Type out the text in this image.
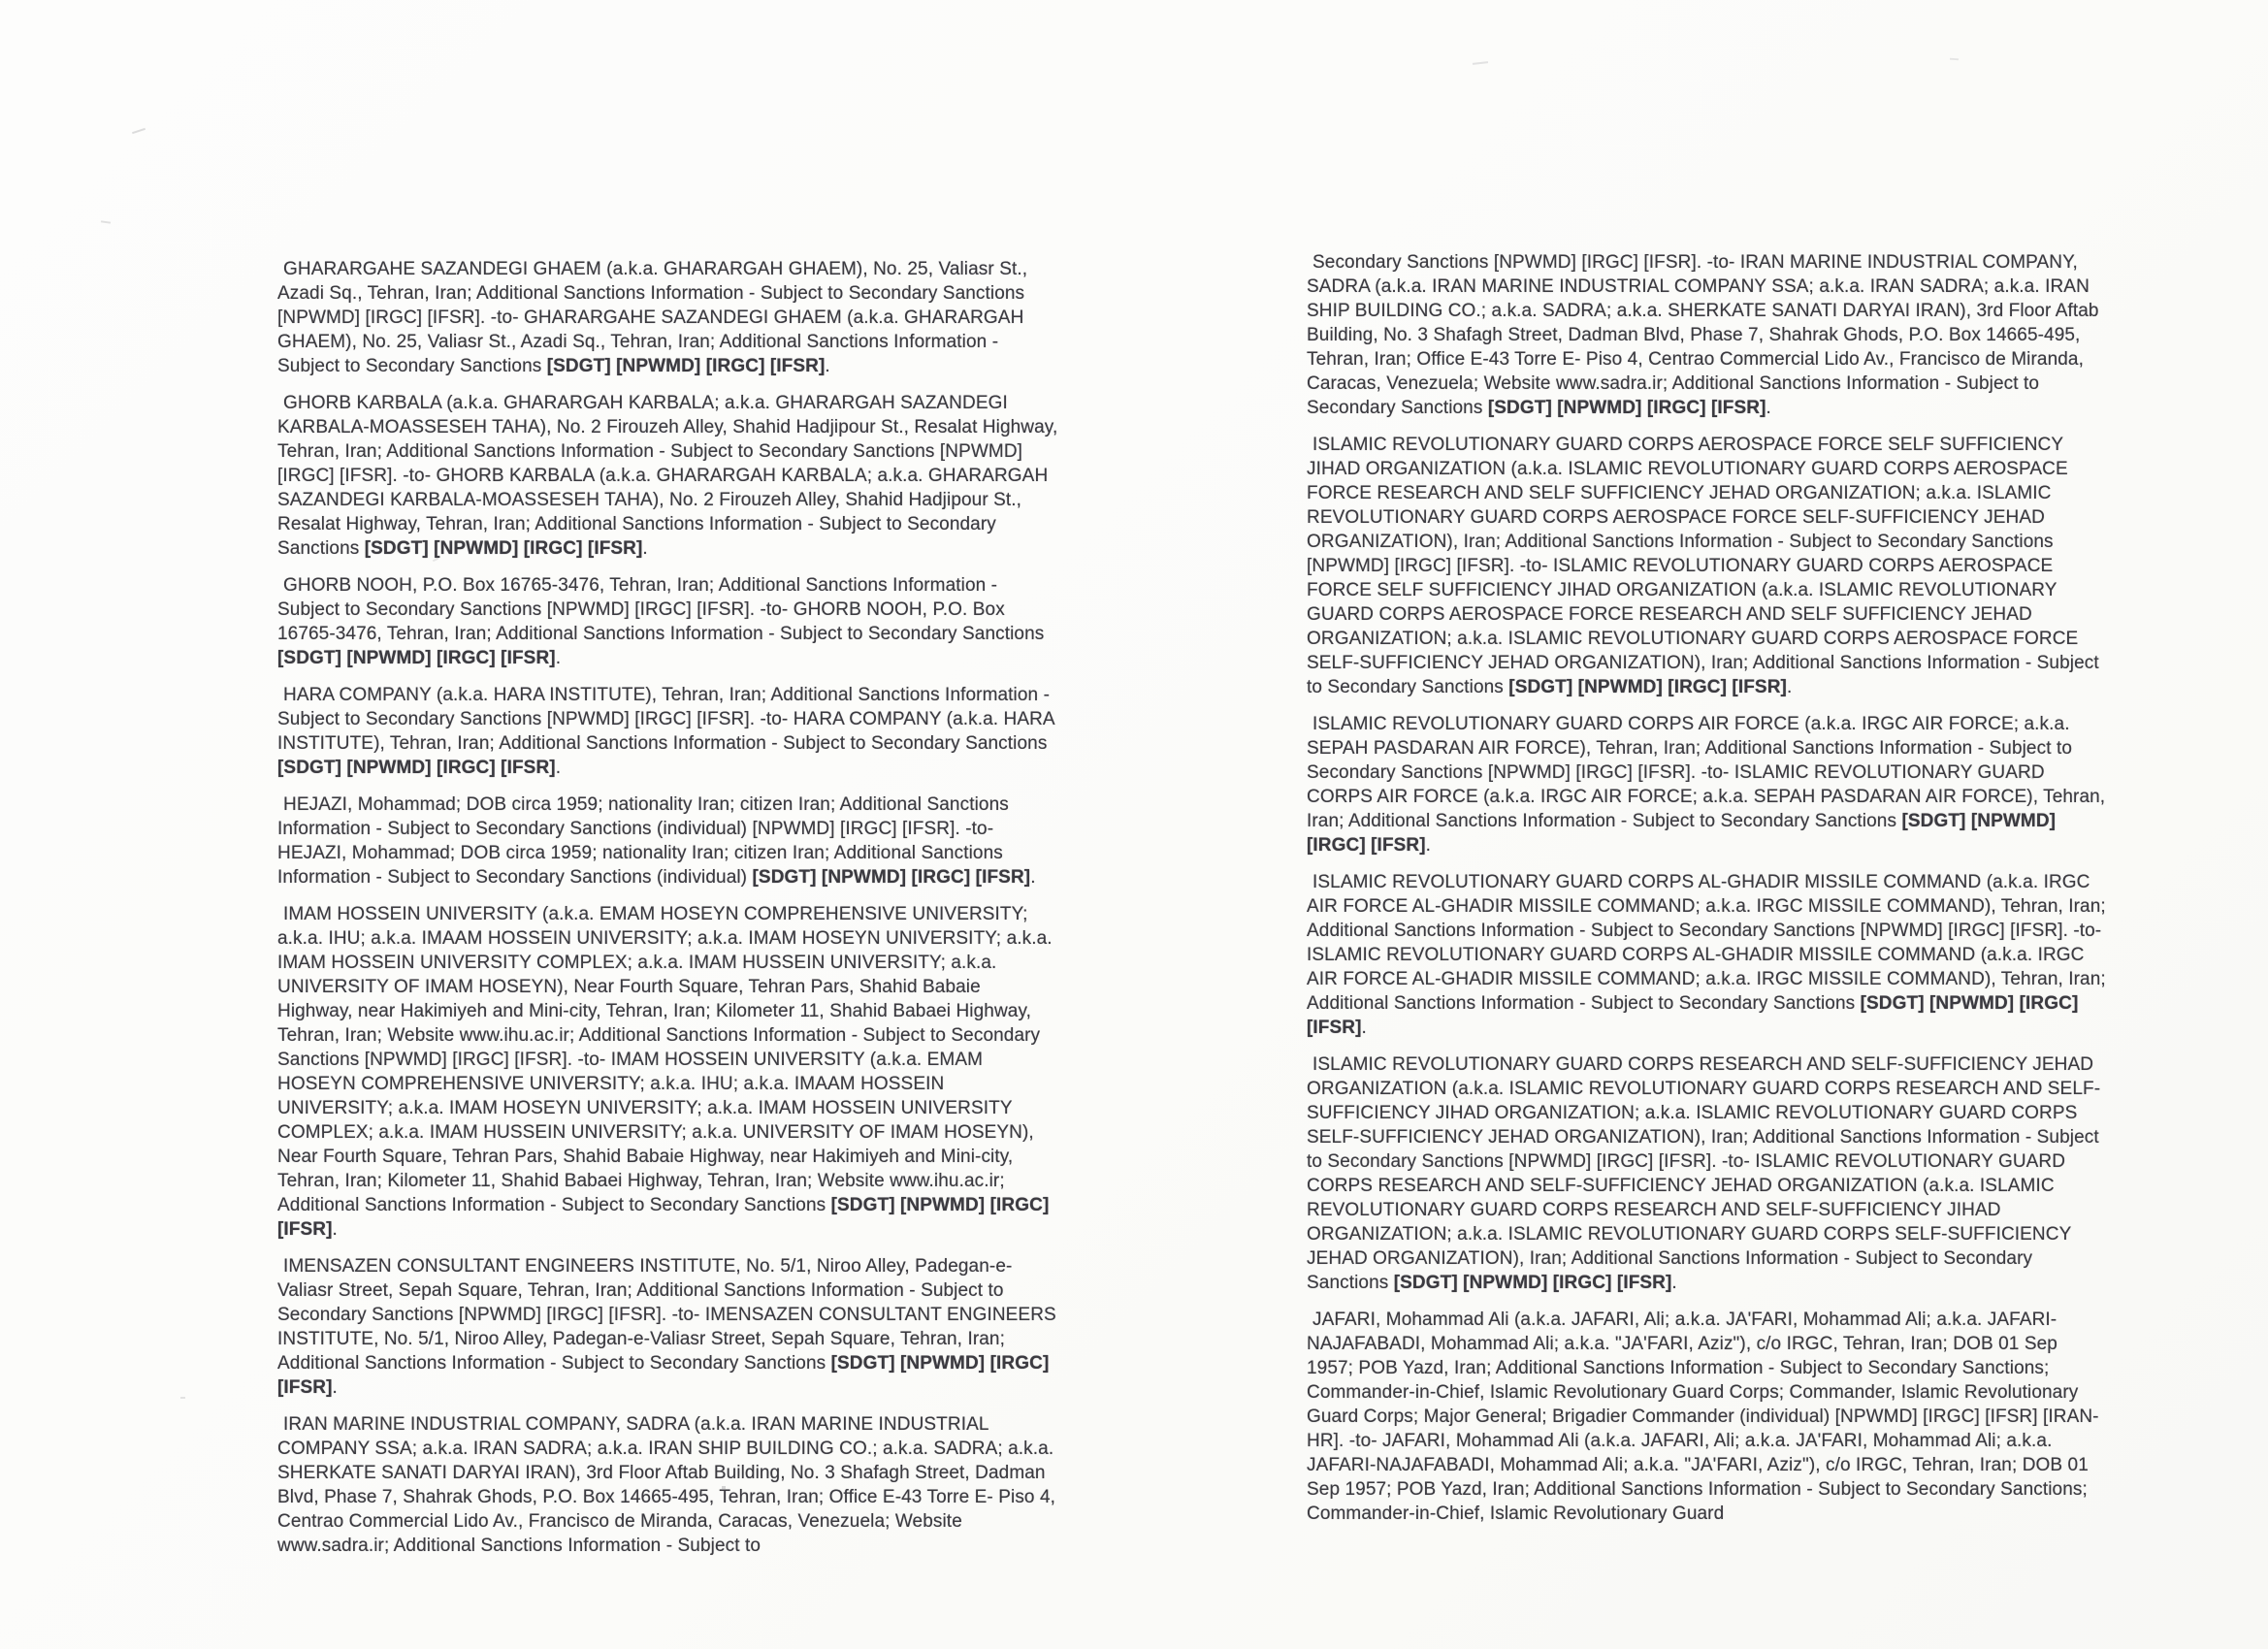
GHARARGAHE SAZANDEGI GHAEM (a.k.a. GHARARGAH GHAEM), No. 25, Valiasr St., Azadi Sq., Tehran, Iran; Additional Sanctions Information - Subject to Secondary Sanctions [NPWMD] [IRGC] [IFSR]. -to- GHARARGAHE SAZANDEGI GHAEM (a.k.a. GHARARGAH GHAEM), No. 25, Valiasr St., Azadi Sq., Tehran, Iran; Additional Sanctions Information - Subject to Secondary Sanctions [SDGT] [NPWMD] [IRGC] [IFSR].

GHORB KARBALA (a.k.a. GHARARGAH KARBALA; a.k.a. GHARARGAH SAZANDEGI KARBALA-MOASSESEH TAHA), No. 2 Firouzeh Alley, Shahid Hadjipour St., Resalat Highway, Tehran, Iran; Additional Sanctions Information - Subject to Secondary Sanctions [NPWMD] [IRGC] [IFSR]. -to- GHORB KARBALA (a.k.a. GHARARGAH KARBALA; a.k.a. GHARARGAH SAZANDEGI KARBALA-MOASSESEH TAHA), No. 2 Firouzeh Alley, Shahid Hadjipour St., Resalat Highway, Tehran, Iran; Additional Sanctions Information - Subject to Secondary Sanctions [SDGT] [NPWMD] [IRGC] [IFSR].

GHORB NOOH, P.O. Box 16765-3476, Tehran, Iran; Additional Sanctions Information - Subject to Secondary Sanctions [NPWMD] [IRGC] [IFSR]. -to- GHORB NOOH, P.O. Box 16765-3476, Tehran, Iran; Additional Sanctions Information - Subject to Secondary Sanctions [SDGT] [NPWMD] [IRGC] [IFSR].

HARA COMPANY (a.k.a. HARA INSTITUTE), Tehran, Iran; Additional Sanctions Information - Subject to Secondary Sanctions [NPWMD] [IRGC] [IFSR]. -to- HARA COMPANY (a.k.a. HARA INSTITUTE), Tehran, Iran; Additional Sanctions Information - Subject to Secondary Sanctions [SDGT] [NPWMD] [IRGC] [IFSR].

HEJAZI, Mohammad; DOB circa 1959; nationality Iran; citizen Iran; Additional Sanctions Information - Subject to Secondary Sanctions (individual) [NPWMD] [IRGC] [IFSR]. -to- HEJAZI, Mohammad; DOB circa 1959; nationality Iran; citizen Iran; Additional Sanctions Information - Subject to Secondary Sanctions (individual) [SDGT] [NPWMD] [IRGC] [IFSR].

IMAM HOSSEIN UNIVERSITY (a.k.a. EMAM HOSEYN COMPREHENSIVE UNIVERSITY; a.k.a. IHU; a.k.a. IMAAM HOSSEIN UNIVERSITY; a.k.a. IMAM HOSEYN UNIVERSITY; a.k.a. IMAM HOSSEIN UNIVERSITY COMPLEX; a.k.a. IMAM HUSSEIN UNIVERSITY; a.k.a. UNIVERSITY OF IMAM HOSEYN), Near Fourth Square, Tehran Pars, Shahid Babaie Highway, near Hakimiyeh and Mini-city, Tehran, Iran; Kilometer 11, Shahid Babaei Highway, Tehran, Iran; Website www.ihu.ac.ir; Additional Sanctions Information - Subject to Secondary Sanctions [NPWMD] [IRGC] [IFSR]. -to- IMAM HOSSEIN UNIVERSITY (a.k.a. EMAM HOSEYN COMPREHENSIVE UNIVERSITY; a.k.a. IHU; a.k.a. IMAAM HOSSEIN UNIVERSITY; a.k.a. IMAM HOSEYN UNIVERSITY; a.k.a. IMAM HOSSEIN UNIVERSITY COMPLEX; a.k.a. IMAM HUSSEIN UNIVERSITY; a.k.a. UNIVERSITY OF IMAM HOSEYN), Near Fourth Square, Tehran Pars, Shahid Babaie Highway, near Hakimiyeh and Mini-city, Tehran, Iran; Kilometer 11, Shahid Babaei Highway, Tehran, Iran; Website www.ihu.ac.ir; Additional Sanctions Information - Subject to Secondary Sanctions [SDGT] [NPWMD] [IRGC] [IFSR].

IMENSAZEN CONSULTANT ENGINEERS INSTITUTE, No. 5/1, Niroo Alley, Padegan-e-Valiasr Street, Sepah Square, Tehran, Iran; Additional Sanctions Information - Subject to Secondary Sanctions [NPWMD] [IRGC] [IFSR]. -to- IMENSAZEN CONSULTANT ENGINEERS INSTITUTE, No. 5/1, Niroo Alley, Padegan-e-Valiasr Street, Sepah Square, Tehran, Iran; Additional Sanctions Information - Subject to Secondary Sanctions [SDGT] [NPWMD] [IRGC] [IFSR].

IRAN MARINE INDUSTRIAL COMPANY, SADRA (a.k.a. IRAN MARINE INDUSTRIAL COMPANY SSA; a.k.a. IRAN SADRA; a.k.a. IRAN SHIP BUILDING CO.; a.k.a. SADRA; a.k.a. SHERKATE SANATI DARYAI IRAN), 3rd Floor Aftab Building, No. 3 Shafagh Street, Dadman Blvd, Phase 7, Shahrak Ghods, P.O. Box 14665-495, Tehran, Iran; Office E-43 Torre E- Piso 4, Centrao Commercial Lido Av., Francisco de Miranda, Caracas, Venezuela; Website www.sadra.ir; Additional Sanctions Information - Subject to

Secondary Sanctions [NPWMD] [IRGC] [IFSR]. -to- IRAN MARINE INDUSTRIAL COMPANY, SADRA (a.k.a. IRAN MARINE INDUSTRIAL COMPANY SSA; a.k.a. IRAN SADRA; a.k.a. IRAN SHIP BUILDING CO.; a.k.a. SADRA; a.k.a. SHERKATE SANATI DARYAI IRAN), 3rd Floor Aftab Building, No. 3 Shafagh Street, Dadman Blvd, Phase 7, Shahrak Ghods, P.O. Box 14665-495, Tehran, Iran; Office E-43 Torre E- Piso 4, Centrao Commercial Lido Av., Francisco de Miranda, Caracas, Venezuela; Website www.sadra.ir; Additional Sanctions Information - Subject to Secondary Sanctions [SDGT] [NPWMD] [IRGC] [IFSR].

ISLAMIC REVOLUTIONARY GUARD CORPS AEROSPACE FORCE SELF SUFFICIENCY JIHAD ORGANIZATION (a.k.a. ISLAMIC REVOLUTIONARY GUARD CORPS AEROSPACE FORCE RESEARCH AND SELF SUFFICIENCY JEHAD ORGANIZATION; a.k.a. ISLAMIC REVOLUTIONARY GUARD CORPS AEROSPACE FORCE SELF-SUFFICIENCY JEHAD ORGANIZATION), Iran; Additional Sanctions Information - Subject to Secondary Sanctions [NPWMD] [IRGC] [IFSR]. -to- ISLAMIC REVOLUTIONARY GUARD CORPS AEROSPACE FORCE SELF SUFFICIENCY JIHAD ORGANIZATION (a.k.a. ISLAMIC REVOLUTIONARY GUARD CORPS AEROSPACE FORCE RESEARCH AND SELF SUFFICIENCY JEHAD ORGANIZATION; a.k.a. ISLAMIC REVOLUTIONARY GUARD CORPS AEROSPACE FORCE SELF-SUFFICIENCY JEHAD ORGANIZATION), Iran; Additional Sanctions Information - Subject to Secondary Sanctions [SDGT] [NPWMD] [IRGC] [IFSR].

ISLAMIC REVOLUTIONARY GUARD CORPS AIR FORCE (a.k.a. IRGC AIR FORCE; a.k.a. SEPAH PASDARAN AIR FORCE), Tehran, Iran; Additional Sanctions Information - Subject to Secondary Sanctions [NPWMD] [IRGC] [IFSR]. -to- ISLAMIC REVOLUTIONARY GUARD CORPS AIR FORCE (a.k.a. IRGC AIR FORCE; a.k.a. SEPAH PASDARAN AIR FORCE), Tehran, Iran; Additional Sanctions Information - Subject to Secondary Sanctions [SDGT] [NPWMD] [IRGC] [IFSR].

ISLAMIC REVOLUTIONARY GUARD CORPS AL-GHADIR MISSILE COMMAND (a.k.a. IRGC AIR FORCE AL-GHADIR MISSILE COMMAND; a.k.a. IRGC MISSILE COMMAND), Tehran, Iran; Additional Sanctions Information - Subject to Secondary Sanctions [NPWMD] [IRGC] [IFSR]. -to- ISLAMIC REVOLUTIONARY GUARD CORPS AL-GHADIR MISSILE COMMAND (a.k.a. IRGC AIR FORCE AL-GHADIR MISSILE COMMAND; a.k.a. IRGC MISSILE COMMAND), Tehran, Iran; Additional Sanctions Information - Subject to Secondary Sanctions [SDGT] [NPWMD] [IRGC] [IFSR].

ISLAMIC REVOLUTIONARY GUARD CORPS RESEARCH AND SELF-SUFFICIENCY JEHAD ORGANIZATION (a.k.a. ISLAMIC REVOLUTIONARY GUARD CORPS RESEARCH AND SELF-SUFFICIENCY JIHAD ORGANIZATION; a.k.a. ISLAMIC REVOLUTIONARY GUARD CORPS SELF-SUFFICIENCY JEHAD ORGANIZATION), Iran; Additional Sanctions Information - Subject to Secondary Sanctions [NPWMD] [IRGC] [IFSR]. -to- ISLAMIC REVOLUTIONARY GUARD CORPS RESEARCH AND SELF-SUFFICIENCY JEHAD ORGANIZATION (a.k.a. ISLAMIC REVOLUTIONARY GUARD CORPS RESEARCH AND SELF-SUFFICIENCY JIHAD ORGANIZATION; a.k.a. ISLAMIC REVOLUTIONARY GUARD CORPS SELF-SUFFICIENCY JEHAD ORGANIZATION), Iran; Additional Sanctions Information - Subject to Secondary Sanctions [SDGT] [NPWMD] [IRGC] [IFSR].

JAFARI, Mohammad Ali (a.k.a. JAFARI, Ali; a.k.a. JA'FARI, Mohammad Ali; a.k.a. JAFARI-NAJAFABADI, Mohammad Ali; a.k.a. "JA'FARI, Aziz"), c/o IRGC, Tehran, Iran; DOB 01 Sep 1957; POB Yazd, Iran; Additional Sanctions Information - Subject to Secondary Sanctions; Commander-in-Chief, Islamic Revolutionary Guard Corps; Commander, Islamic Revolutionary Guard Corps; Major General; Brigadier Commander (individual) [NPWMD] [IRGC] [IFSR] [IRAN-HR]. -to- JAFARI, Mohammad Ali (a.k.a. JAFARI, Ali; a.k.a. JA'FARI, Mohammad Ali; a.k.a. JAFARI-NAJAFABADI, Mohammad Ali; a.k.a. "JA'FARI, Aziz"), c/o IRGC, Tehran, Iran; DOB 01 Sep 1957; POB Yazd, Iran; Additional Sanctions Information - Subject to Secondary Sanctions; Commander-in-Chief, Islamic Revolutionary Guard
